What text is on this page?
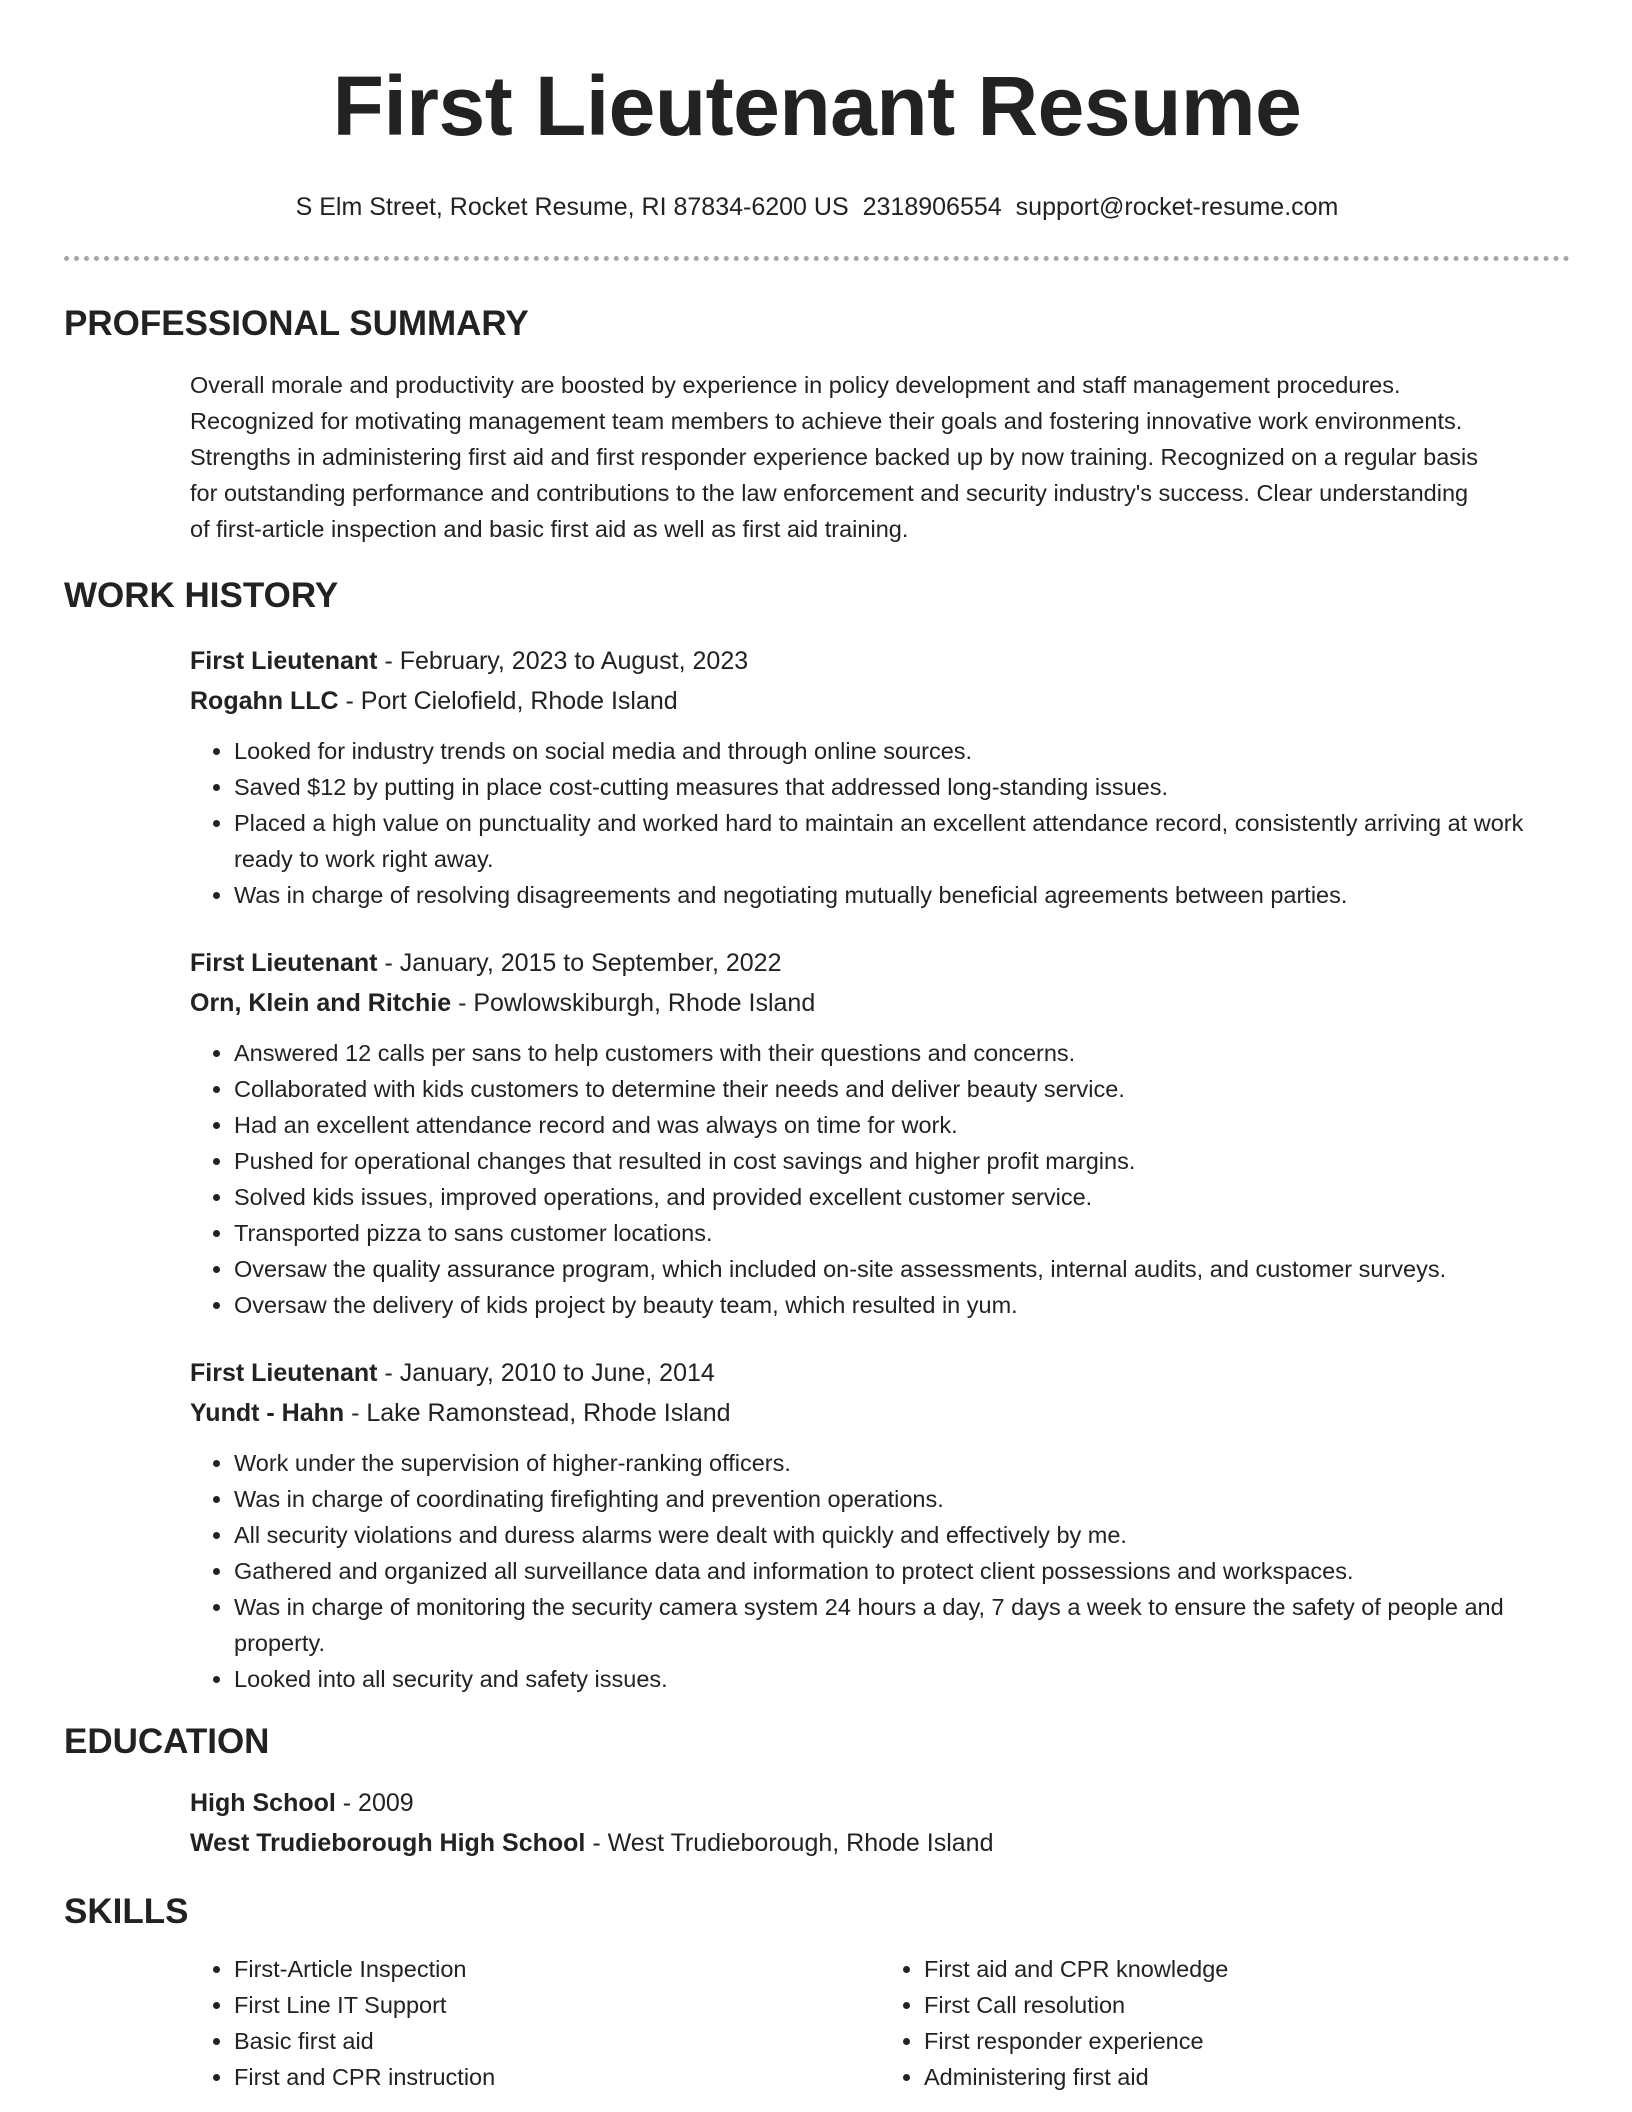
First Lieutenant Resume
S Elm Street, Rocket Resume, RI 87834-6200 US 2318906554 support@rocket-resume.com
PROFESSIONAL SUMMARY

Overall morale and productivity are boosted by experience in policy development and staff management procedures.
Recognized for motivating management team members to achieve their goals and fostering innovative work environments.
Strengths in administering first aid and first responder experience backed up by now training. Recognized on a regular basis
for outstanding performance and contributions to the law enforcement and security industry's success. Clear understanding
of first-article inspection and basic first aid as well as first aid training.

WORK HISTORY
First Lieutenant - February, 2023 to August, 2023
Rogahn LLC - Port Cielofield, Rhode Island
• Looked for industry trends on social media and through online sources.
• Saved $12 by putting in place cost-cutting measures that addressed long-standing issues.
• Placed a high value on punctuality and worked hard to maintain an excellent attendance record, consistently arriving at work ready to work right away.
• Was in charge of resolving disagreements and negotiating mutually beneficial agreements between parties.
First Lieutenant - January, 2015 to September, 2022
Orn, Klein and Ritchie - Powlowskiburgh, Rhode Island
• Answered 12 calls per sans to help customers with their questions and concerns.
• Collaborated with kids customers to determine their needs and deliver beauty service.
• Had an excellent attendance record and was always on time for work.
• Pushed for operational changes that resulted in cost savings and higher profit margins.
• Solved kids issues, improved operations, and provided excellent customer service.
• Transported pizza to sans customer locations.
• Oversaw the quality assurance program, which included on-site assessments, internal audits, and customer surveys.
• Oversaw the delivery of kids project by beauty team, which resulted in yum.
First Lieutenant - January, 2010 to June, 2014
Yundt - Hahn - Lake Ramonstead, Rhode Island
• Work under the supervision of higher-ranking officers.
• Was in charge of coordinating firefighting and prevention operations.
• All security violations and duress alarms were dealt with quickly and effectively by me.
• Gathered and organized all surveillance data and information to protect client possessions and workspaces.
• Was in charge of monitoring the security camera system 24 hours a day, 7 days a week to ensure the safety of people and property.
• Looked into all security and safety issues.
EDUCATION
High School - 2009
West Trudieborough High School - West Trudieborough, Rhode Island
SKILLS
• First-Article Inspection
• First Line IT Support
• Basic first aid
• First and CPR instruction
• First aid and CPR knowledge
• First Call resolution
• First responder experience
• Administering first aid
